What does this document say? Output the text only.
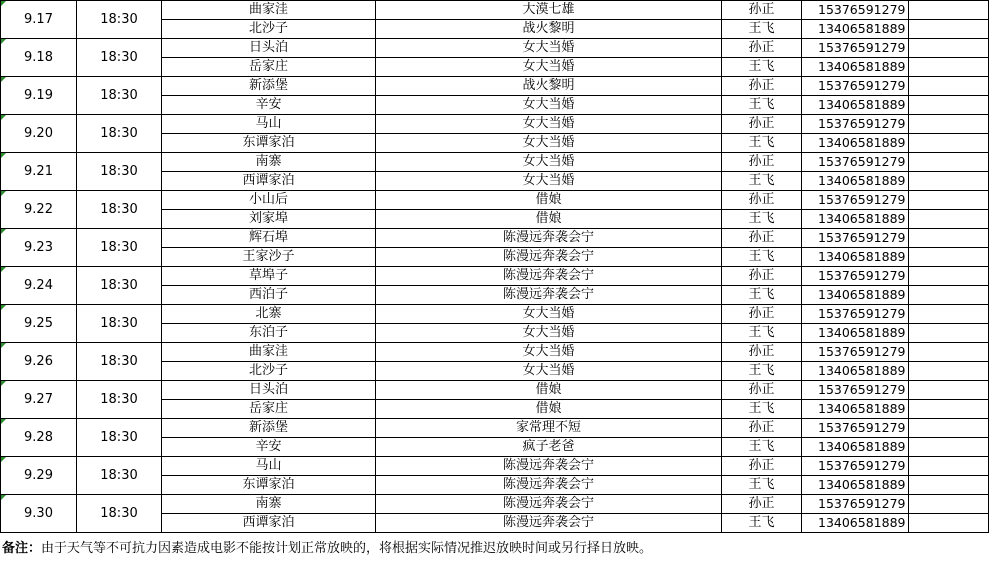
9.17	18:30	曲家洼	大漠七雄	孙正	15376591279	
		北沙子	战火黎明	王飞	13406581889	
9.18	18:30	日头泊	女大当婚	孙正	15376591279	
		岳家庄	女大当婚	王飞	13406581889	
9.19	18:30	新添堡	战火黎明	孙正	15376591279	
		辛安	女大当婚	王飞	13406581889	
9.20	18:30	马山	女大当婚	孙正	15376591279	
		东谭家泊	女大当婚	王飞	13406581889	
9.21	18:30	南寨	女大当婚	孙正	15376591279	
		西谭家泊	女大当婚	王飞	13406581889	
9.22	18:30	小山后	借娘	孙正	15376591279	
		刘家埠	借娘	王飞	13406581889	
9.23	18:30	辉石埠	陈漫远奔袭会宁	孙正	15376591279	
		王家沙子	陈漫远奔袭会宁	王飞	13406581889	
9.24	18:30	草埠子	陈漫远奔袭会宁	孙正	15376591279	
		西泊子	陈漫远奔袭会宁	王飞	13406581889	
9.25	18:30	北寨	女大当婚	孙正	15376591279	
		东泊子	女大当婚	王飞	13406581889	
9.26	18:30	曲家洼	女大当婚	孙正	15376591279	
		北沙子	女大当婚	王飞	13406581889	
9.27	18:30	日头泊	借娘	孙正	15376591279	
		岳家庄	借娘	王飞	13406581889	
9.28	18:30	新添堡	家常理不短	孙正	15376591279	
		辛安	疯子老爸	王飞	13406581889	
9.29	18:30	马山	陈漫远奔袭会宁	孙正	15376591279	
		东谭家泊	陈漫远奔袭会宁	王飞	13406581889	
9.30	18:30	南寨	陈漫远奔袭会宁	孙正	15376591279	
		西谭家泊	陈漫远奔袭会宁	王飞	13406581889	
备注：由于天气等不可抗力因素造成电影不能按计划正常放映的，将根据实际情况推迟放映时间或另行择日放映。
